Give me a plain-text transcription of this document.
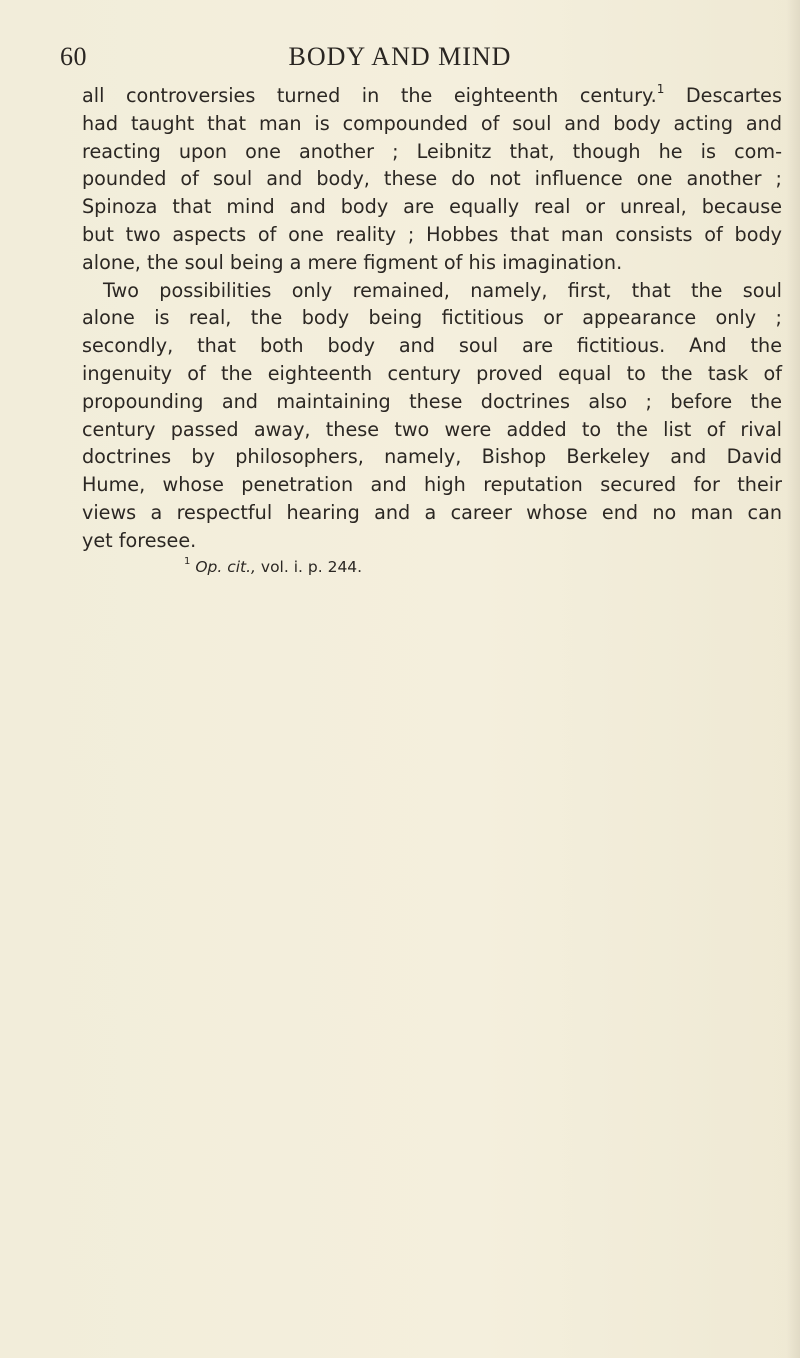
60	BODY AND MIND
all controversies turned in the eighteenth century.$^1$ Descartes
had taught that man is compounded of soul and body acting and
reacting upon one another ; Leibnitz that, though he is com-
pounded of soul and body, these do not influence one another ;
Spinoza that mind and body are equally real or unreal, because
but two aspects of one reality ; Hobbes that man consists of body
alone, the soul being a mere figment of his imagination.
Two possibilities only remained, namely, first, that the soul
alone is real, the body being fictitious or appearance only ;
secondly, that both body and soul are fictitious. And the
ingenuity of the eighteenth century proved equal to the task of
propounding and maintaining these doctrines also ; before the
century passed away, these two were added to the list of rival
doctrines by philosophers, namely, Bishop Berkeley and David
Hume, whose penetration and high reputation secured for their
views a respectful hearing and a career whose end no man can
yet foresee.
$^1$ Op. cit., vol. i. p. 244.
